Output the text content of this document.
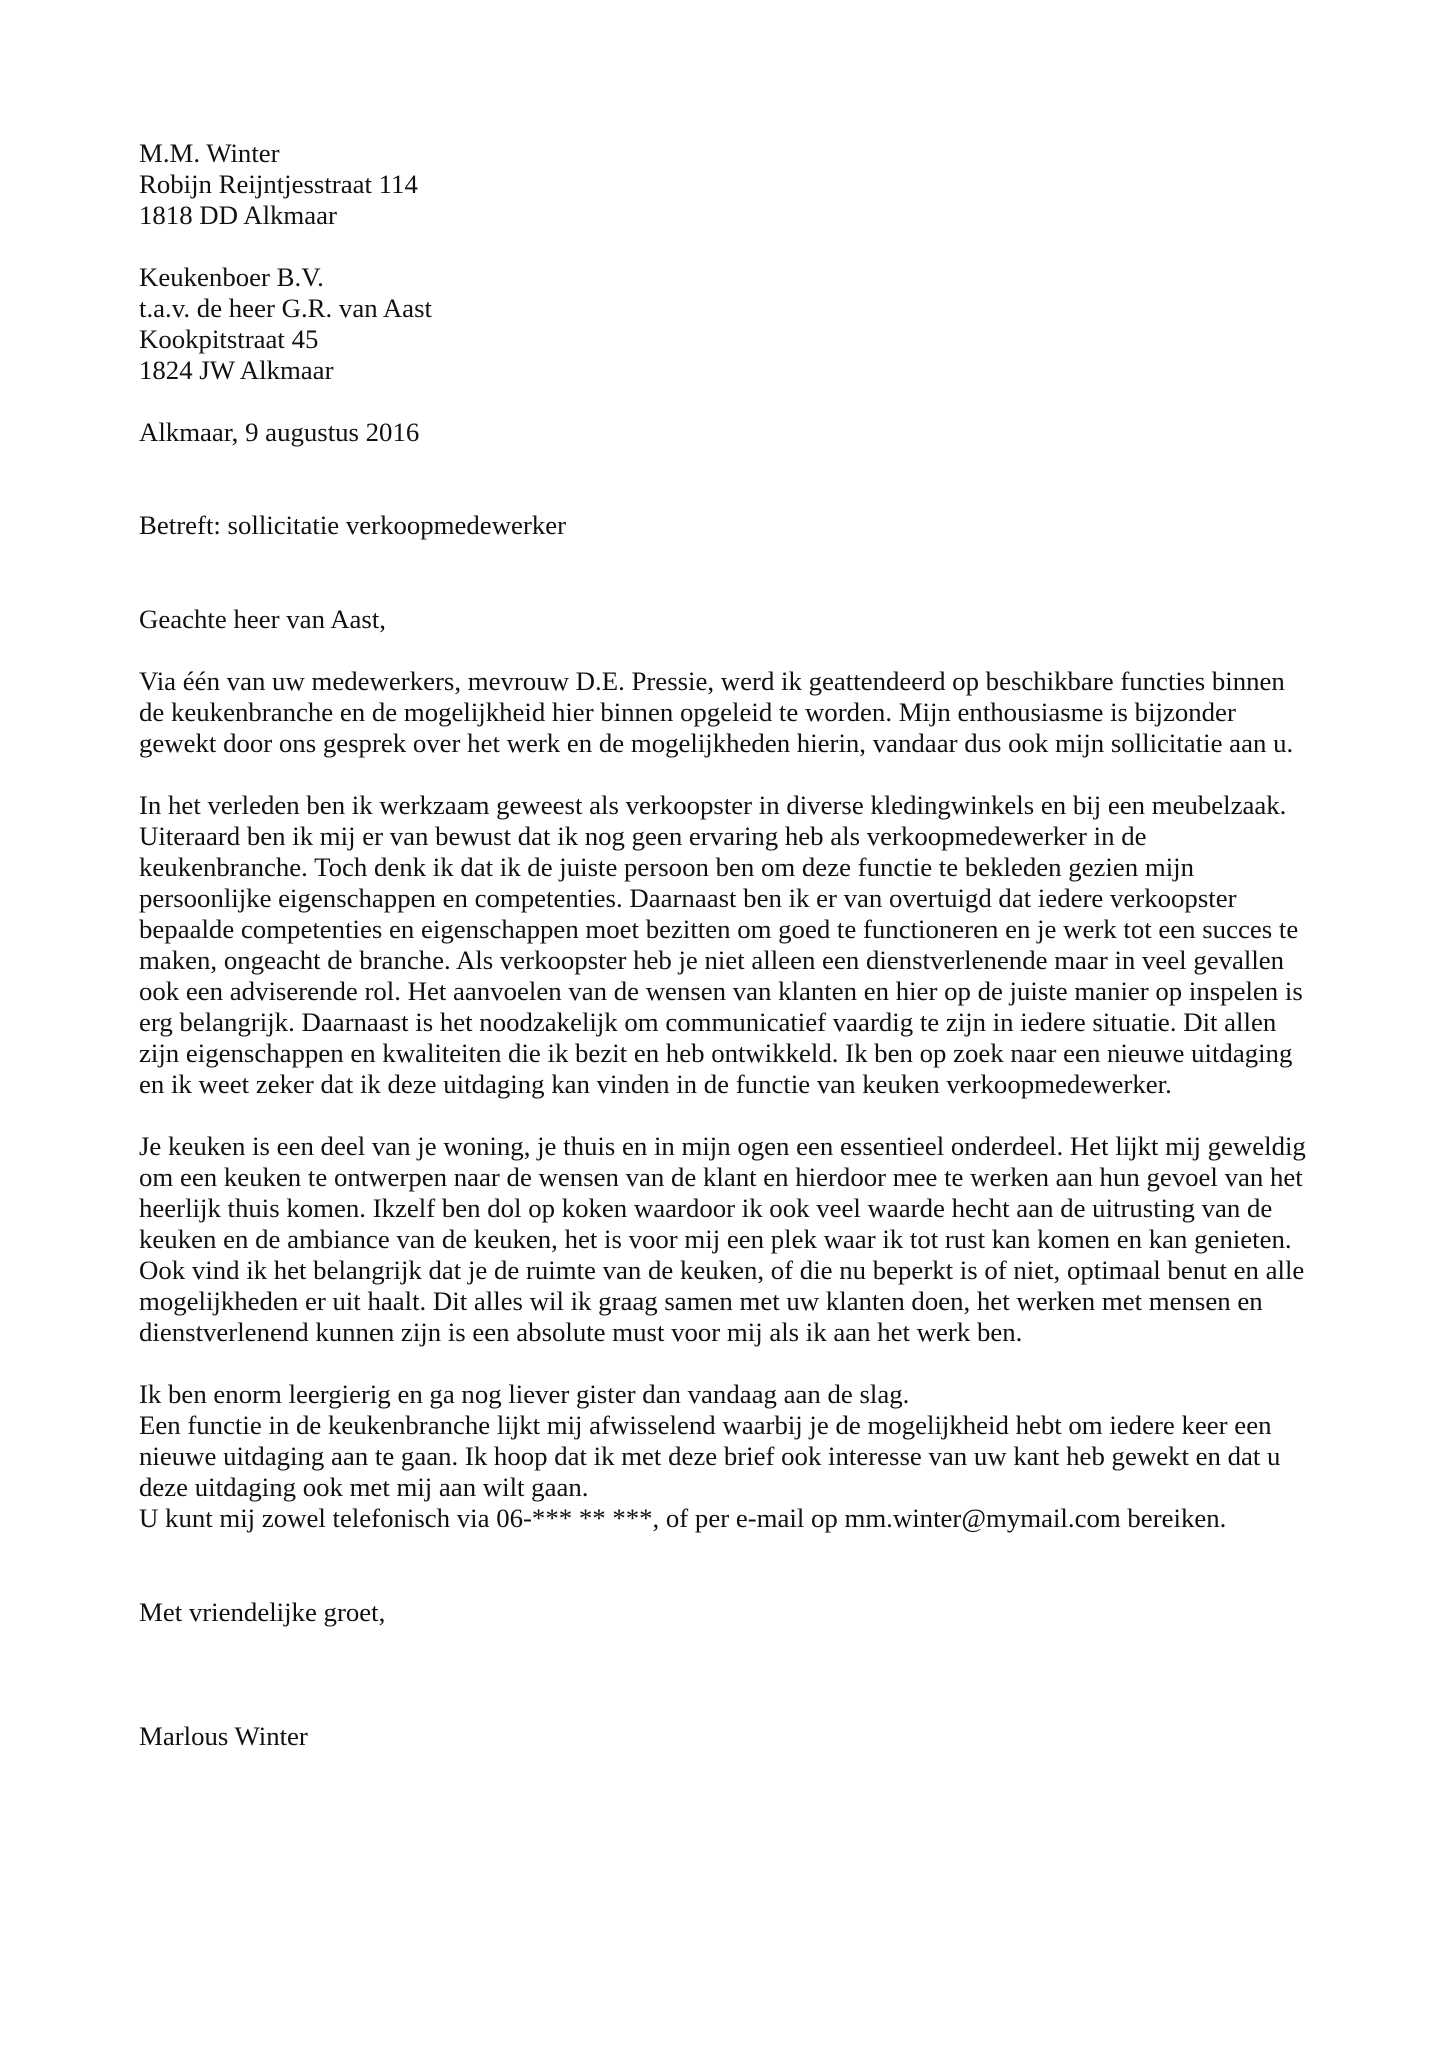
M.M. Winter
Robijn Reijntjesstraat 114
1818 DD Alkmaar
Keukenboer B.V.
t.a.v. de heer G.R. van Aast
Kookpitstraat 45
1824 JW Alkmaar
Alkmaar, 9 augustus 2016
Betreft: sollicitatie verkoopmedewerker
Geachte heer van Aast,
Via één van uw medewerkers, mevrouw D.E. Pressie, werd ik geattendeerd op beschikbare functies binnen
de keukenbranche en de mogelijkheid hier binnen opgeleid te worden. Mijn enthousiasme is bijzonder
gewekt door ons gesprek over het werk en de mogelijkheden hierin, vandaar dus ook mijn sollicitatie aan u.
In het verleden ben ik werkzaam geweest als verkoopster in diverse kledingwinkels en bij een meubelzaak.
Uiteraard ben ik mij er van bewust dat ik nog geen ervaring heb als verkoopmedewerker in de
keukenbranche. Toch denk ik dat ik de juiste persoon ben om deze functie te bekleden gezien mijn
persoonlijke eigenschappen en competenties. Daarnaast ben ik er van overtuigd dat iedere verkoopster
bepaalde competenties en eigenschappen moet bezitten om goed te functioneren en je werk tot een succes te
maken, ongeacht de branche. Als verkoopster heb je niet alleen een dienstverlenende maar in veel gevallen
ook een adviserende rol. Het aanvoelen van de wensen van klanten en hier op de juiste manier op inspelen is
erg belangrijk. Daarnaast is het noodzakelijk om communicatief vaardig te zijn in iedere situatie. Dit allen
zijn eigenschappen en kwaliteiten die ik bezit en heb ontwikkeld. Ik ben op zoek naar een nieuwe uitdaging
en ik weet zeker dat ik deze uitdaging kan vinden in de functie van keuken verkoopmedewerker.
Je keuken is een deel van je woning, je thuis en in mijn ogen een essentieel onderdeel. Het lijkt mij geweldig
om een keuken te ontwerpen naar de wensen van de klant en hierdoor mee te werken aan hun gevoel van het
heerlijk thuis komen. Ikzelf ben dol op koken waardoor ik ook veel waarde hecht aan de uitrusting van de
keuken en de ambiance van de keuken, het is voor mij een plek waar ik tot rust kan komen en kan genieten.
Ook vind ik het belangrijk dat je de ruimte van de keuken, of die nu beperkt is of niet, optimaal benut en alle
mogelijkheden er uit haalt. Dit alles wil ik graag samen met uw klanten doen, het werken met mensen en
dienstverlenend kunnen zijn is een absolute must voor mij als ik aan het werk ben.
Ik ben enorm leergierig en ga nog liever gister dan vandaag aan de slag.
Een functie in de keukenbranche lijkt mij afwisselend waarbij je de mogelijkheid hebt om iedere keer een
nieuwe uitdaging aan te gaan. Ik hoop dat ik met deze brief ook interesse van uw kant heb gewekt en dat u
deze uitdaging ook met mij aan wilt gaan.
U kunt mij zowel telefonisch via 06-*** ** ***, of per e-mail op mm.winter@mymail.com bereiken.
Met vriendelijke groet,
Marlous Winter
